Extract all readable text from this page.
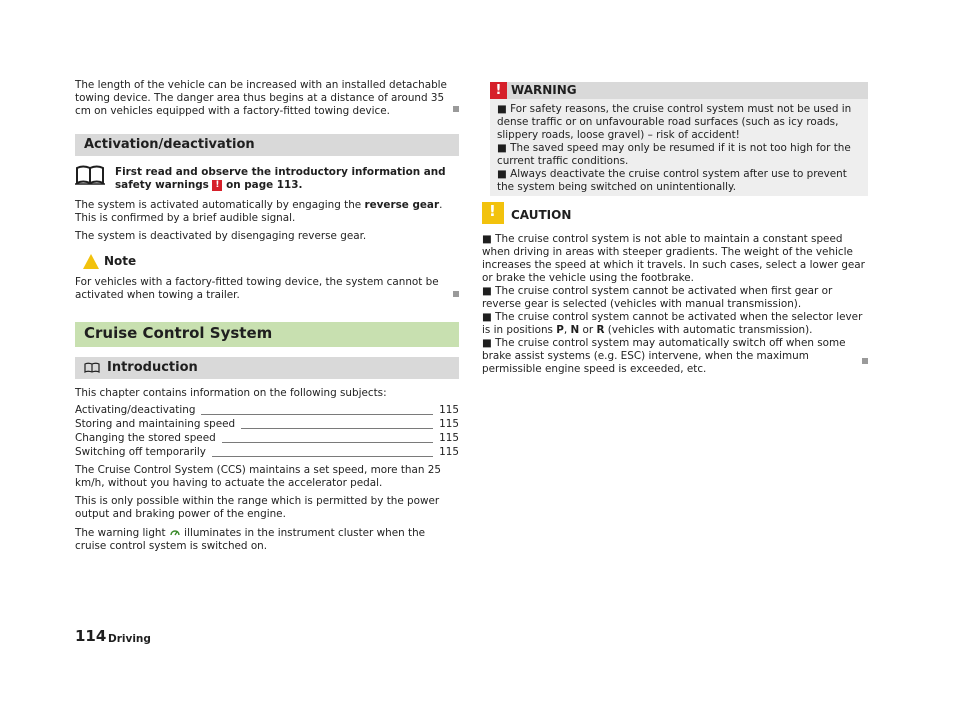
The length of the vehicle can be increased with an installed detachable towing device. The danger area thus begins at a distance of around 35 cm on vehicles equipped with a factory-fitted towing device.
Activation/deactivation
First read and observe the introductory information and safety warnings ! on page 113.
The system is activated automatically by engaging the reverse gear. This is confirmed by a brief audible signal.
The system is deactivated by disengaging reverse gear.
Note
For vehicles with a factory-fitted towing device, the system cannot be activated when towing a trailer.
Cruise Control System
Introduction
This chapter contains information on the following subjects:
Activating/deactivating	115
Storing and maintaining speed	115
Changing the stored speed	115
Switching off temporarily	115
The Cruise Control System (CCS) maintains a set speed, more than 25 km/h, without you having to actuate the accelerator pedal.
This is only possible within the range which is permitted by the power output and braking power of the engine.
The warning light  illuminates in the instrument cluster when the cruise control system is switched on.
! WARNING
■ For safety reasons, the cruise control system must not be used in dense traffic or on unfavourable road surfaces (such as icy roads, slippery roads, loose gravel) – risk of accident!
■ The saved speed may only be resumed if it is not too high for the current traffic conditions.
■ Always deactivate the cruise control system after use to prevent the system being switched on unintentionally.
! CAUTION
■ The cruise control system is not able to maintain a constant speed when driving in areas with steeper gradients. The weight of the vehicle increases the speed at which it travels. In such cases, select a lower gear or brake the vehicle using the footbrake.
■ The cruise control system cannot be activated when first gear or reverse gear is selected (vehicles with manual transmission).
■ The cruise control system cannot be activated when the selector lever is in positions P, N or R (vehicles with automatic transmission).
■ The cruise control system may automatically switch off when some brake assist systems (e.g. ESC) intervene, when the maximum permissible engine speed is exceeded, etc.
114 Driving
